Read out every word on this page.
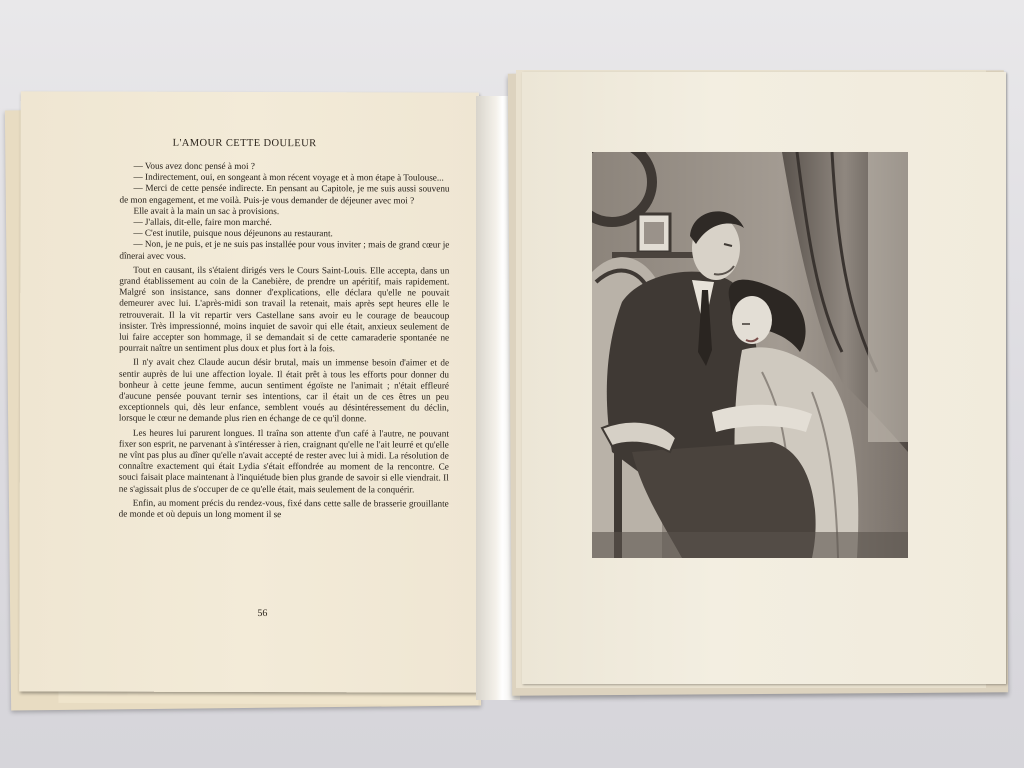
L'AMOUR CETTE DOULEUR

— Vous avez donc pensé à moi ?

— Indirectement, oui, en songeant à mon récent voyage et à mon étape à Toulouse...

— Merci de cette pensée indirecte. En pensant au Capitole, je me suis aussi souvenu de mon engagement, et me voilà. Puis-je vous demander de déjeuner avec moi ?

Elle avait à la main un sac à provisions.

— J'allais, dit-elle, faire mon marché.

— C'est inutile, puisque nous déjeunons au restaurant.

— Non, je ne puis, et je ne suis pas installée pour vous inviter ; mais de grand cœur je dînerai avec vous.

Tout en causant, ils s'étaient dirigés vers le Cours Saint-Louis. Elle accepta, dans un grand établissement au coin de la Canebière, de prendre un apéritif, mais rapidement. Malgré son insistance, sans donner d'explications, elle déclara qu'elle ne pouvait demeurer avec lui. L'après-midi son travail la retenait, mais après sept heures elle le retrouverait. Il la vit repartir vers Castellane sans avoir eu le courage de beaucoup insister. Très impressionné, moins inquiet de savoir qui elle était, anxieux seulement de lui faire accepter son hommage, il se demandait si de cette camaraderie spontanée ne pourrait naître un sentiment plus doux et plus fort à la fois.

Il n'y avait chez Claude aucun désir brutal, mais un immense besoin d'aimer et de sentir auprès de lui une affection loyale. Il était prêt à tous les efforts pour donner du bonheur à cette jeune femme, aucun sentiment égoïste ne l'animait ; n'était effleuré d'aucune pensée pouvant ternir ses intentions, car il était un de ces êtres un peu exceptionnels qui, dès leur enfance, semblent voués au désintéressement du déclin, lorsque le cœur ne demande plus rien en échange de ce qu'il donne.

Les heures lui parurent longues. Il traîna son attente d'un café à l'autre, ne pouvant fixer son esprit, ne parvenant à s'intéresser à rien, craignant qu'elle ne l'ait leurré et qu'elle ne vînt pas plus au dîner qu'elle n'avait accepté de rester avec lui à midi. La résolution de connaître exactement qui était Lydia s'était effondrée au moment de la rencontre. Ce souci faisait place maintenant à l'inquiétude bien plus grande de savoir si elle viendrait. Il ne s'agissait plus de s'occuper de ce qu'elle était, mais seulement de la conquérir.

Enfin, au moment précis du rendez-vous, fixé dans cette salle de brasserie grouillante de monde et où depuis un long moment il se

56
